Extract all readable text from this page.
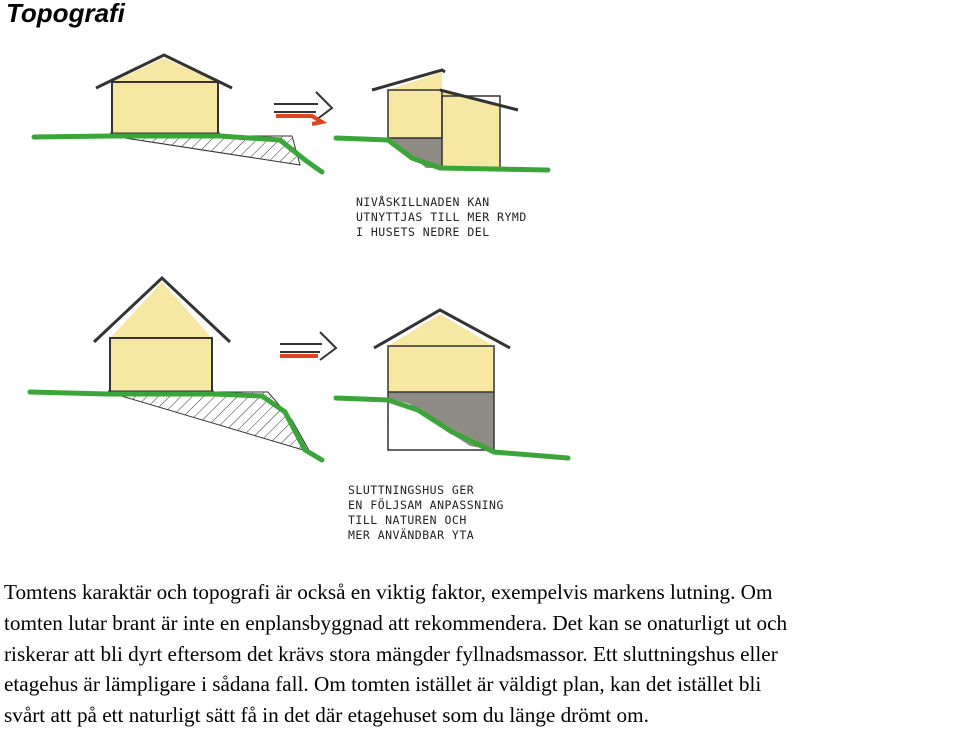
Topografi
NIVÅSKILLNADEN KAN
UTNYTTJAS TILL MER RYMD
I HUSETS NEDRE DEL
SLUTTNINGSHUS GER
EN FÖLJSAM ANPASSNING
TILL NATUREN OCH
MER ANVÄNDBAR YTA

Tomtens karaktär och topografi är också en viktig faktor, exempelvis markens lutning. Om
tomten lutar brant är inte en enplansbyggnad att rekommendera. Det kan se onaturligt ut och
riskerar att bli dyrt eftersom det krävs stora mängder fyllnadsmassor. Ett sluttningshus eller
etagehus är lämpligare i sådana fall. Om tomten istället är väldigt plan, kan det istället bli
svårt att på ett naturligt sätt få in det där etagehuset som du länge drömt om.
